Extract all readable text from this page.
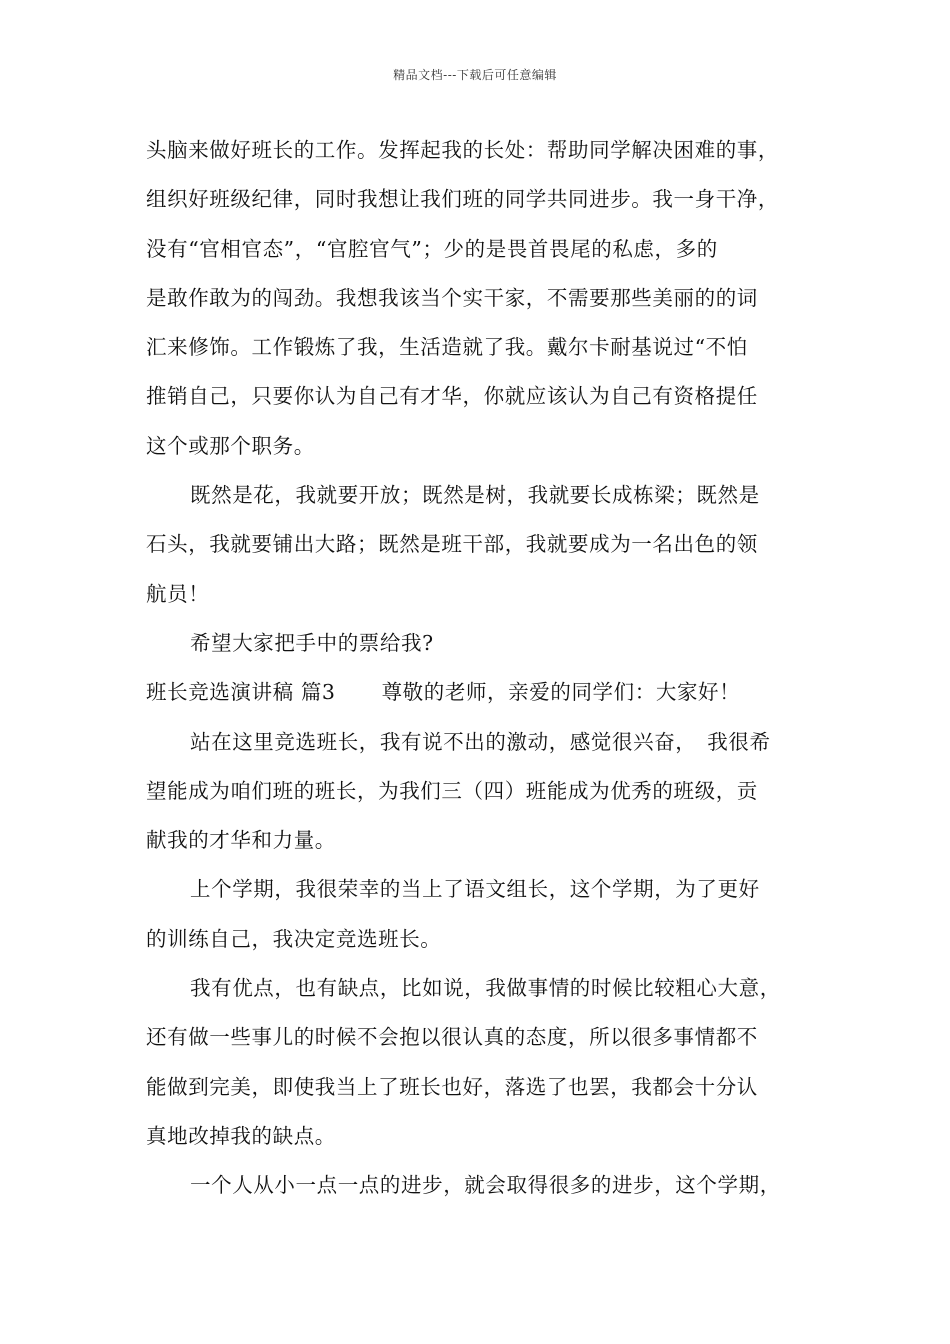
精品文档---下载后可任意编辑
头脑来做好班长的工作。发挥起我的长处：帮助同学解决困难的事，
组织好班级纪律，同时我想让我们班的同学共同进步。我一身干净，
没有“官相官态”，“官腔官气”；少的是畏首畏尾的私虑，多的
是敢作敢为的闯劲。我想我该当个实干家，不需要那些美丽的的词
汇来修饰。工作锻炼了我，生活造就了我。戴尔卡耐基说过“不怕
推销自己，只要你认为自己有才华，你就应该认为自己有资格提任
这个或那个职务。
既然是花，我就要开放；既然是树，我就要长成栋梁；既然是
石头，我就要铺出大路；既然是班干部，我就要成为一名出色的领
航员！
希望大家把手中的票给我?
班长竞选演讲稿 篇3 尊敬的老师，亲爱的同学们：大家好！
站在这里竞选班长，我有说不出的激动，感觉很兴奋，　我很希
望能成为咱们班的班长，为我们三（四）班能成为优秀的班级，贡
献我的才华和力量。
上个学期，我很荣幸的当上了语文组长，这个学期，为了更好
的训练自己，我决定竞选班长。
我有优点，也有缺点，比如说，我做事情的时候比较粗心大意，
还有做一些事儿的时候不会抱以很认真的态度，所以很多事情都不
能做到完美，即使我当上了班长也好，落选了也罢，我都会十分认
真地改掉我的缺点。
一个人从小一点一点的进步，就会取得很多的进步，这个学期，
